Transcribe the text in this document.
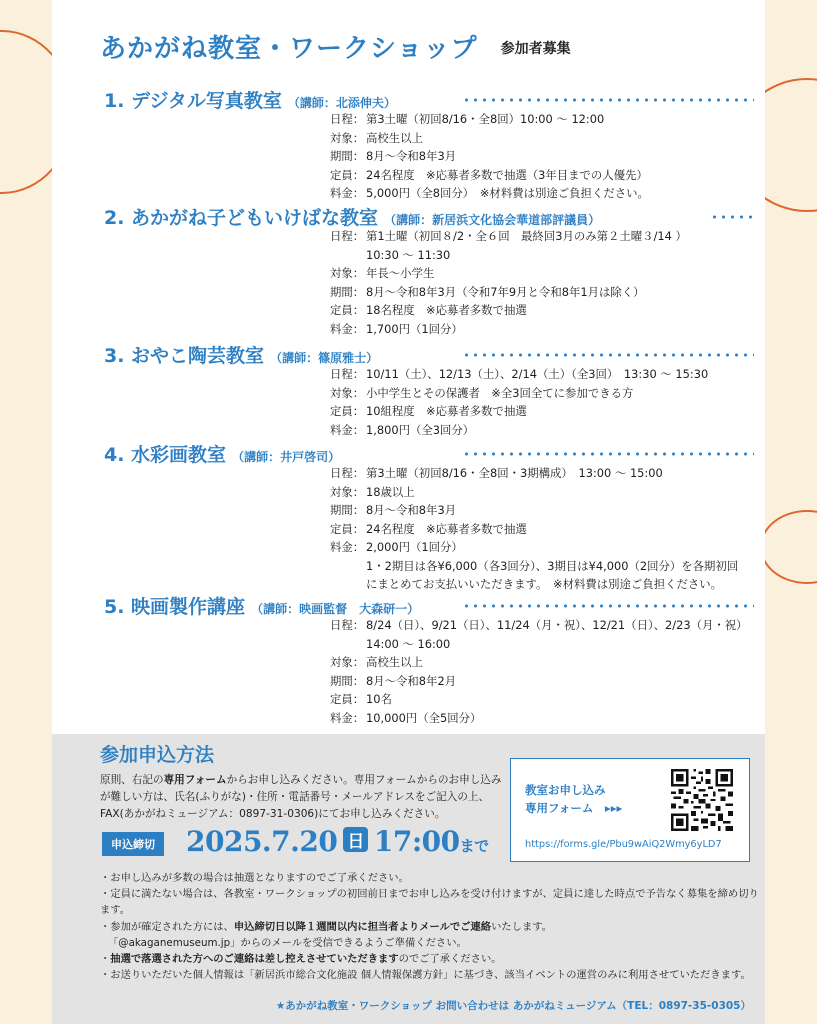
あかがね教室・ワークショップ 参加者募集
1. デジタル写真教室 （講師：北添伸夫）
日程： 第3土曜（初回8/16・全8回）10:00 ～ 12:00
対象： 高校生以上
期間： 8月～令和8年3月
定員： 24名程度　※応募者多数で抽選（3年目までの人優先）
料金： 5,000円（全8回分）　※材料費は別途ご負担ください。
2. あかがね子どもいけばな教室 （講師：新居浜文化協会華道部評議員）
日程： 第1土曜（初回８/2・全６回　最終回3月のみ第２土曜３/14 ）
10:30 ～ 11:30
対象： 年長～小学生
期間： 8月～令和8年3月（令和7年9月と令和8年1月は除く）
定員： 18名程度　※応募者多数で抽選
料金： 1,700円（1回分）
3. おやこ陶芸教室 （講師：篠原雅士）
日程： 10/11（土）、12/13（土）、2/14（土）（全3回）　13:30 ～ 15:30
対象： 小中学生とその保護者　※全3回全てに参加できる方
定員： 10組程度　※応募者多数で抽選
料金： 1,800円（全3回分）
4. 水彩画教室 （講師：井戸啓司）
日程： 第3土曜（初回8/16・全8回・3期構成）　13:00 ～ 15:00
対象： 18歳以上
期間： 8月～令和8年3月
定員： 24名程度　※応募者多数で抽選
料金： 2,000円（1回分）
1・2期目は各¥6,000（各3回分）、3期目は¥4,000（2回分）を各期初回
にまとめてお支払いいただきます。　※材料費は別途ご負担ください。
5. 映画製作講座 （講師：映画監督　大森研一）
日程： 8/24（日）、9/21（日）、11/24（月・祝）、12/21（日）、2/23（月・祝）
14:00 ～ 16:00
対象： 高校生以上
期間： 8月～令和8年2月
定員： 10名
料金： 10,000円（全5回分）
参加申込方法
原則、右記の専用フォームからお申し込みください。専用フォームからのお申し込みが難しい方は、氏名(ふりがな)・住所・電話番号・メールアドレスをご記入の上、FAX(あかがねミュージアム：0897-31-0306)にてお申し込みください。
申込締切	2025.7.20 日 17:00まで
教室お申し込み
専用フォーム　▸▸▸
https://forms.gle/Pbu9wAiQ2Wmy6yLD7
・お申し込みが多数の場合は抽選となりますのでご了承ください。
・定員に満たない場合は、各教室・ワークショップの初回前日までお申し込みを受け付けますが、定員に達した時点で予告なく募集を締め切ります。
・参加が確定された方には、申込締切日以降１週間以内に担当者よりメールでご連絡いたします。
「@akaganemuseum.jp」からのメールを受信できるようご準備ください。
・抽選で落選された方へのご連絡は差し控えさせていただきますのでご了承ください。
・お送りいただいた個人情報は「新居浜市総合文化施設 個人情報保護方針」に基づき、該当イベントの運営のみに利用させていただきます。
★あかがね教室・ワークショップ お問い合わせは あかがねミュージアム（TEL：0897-35-0305）
